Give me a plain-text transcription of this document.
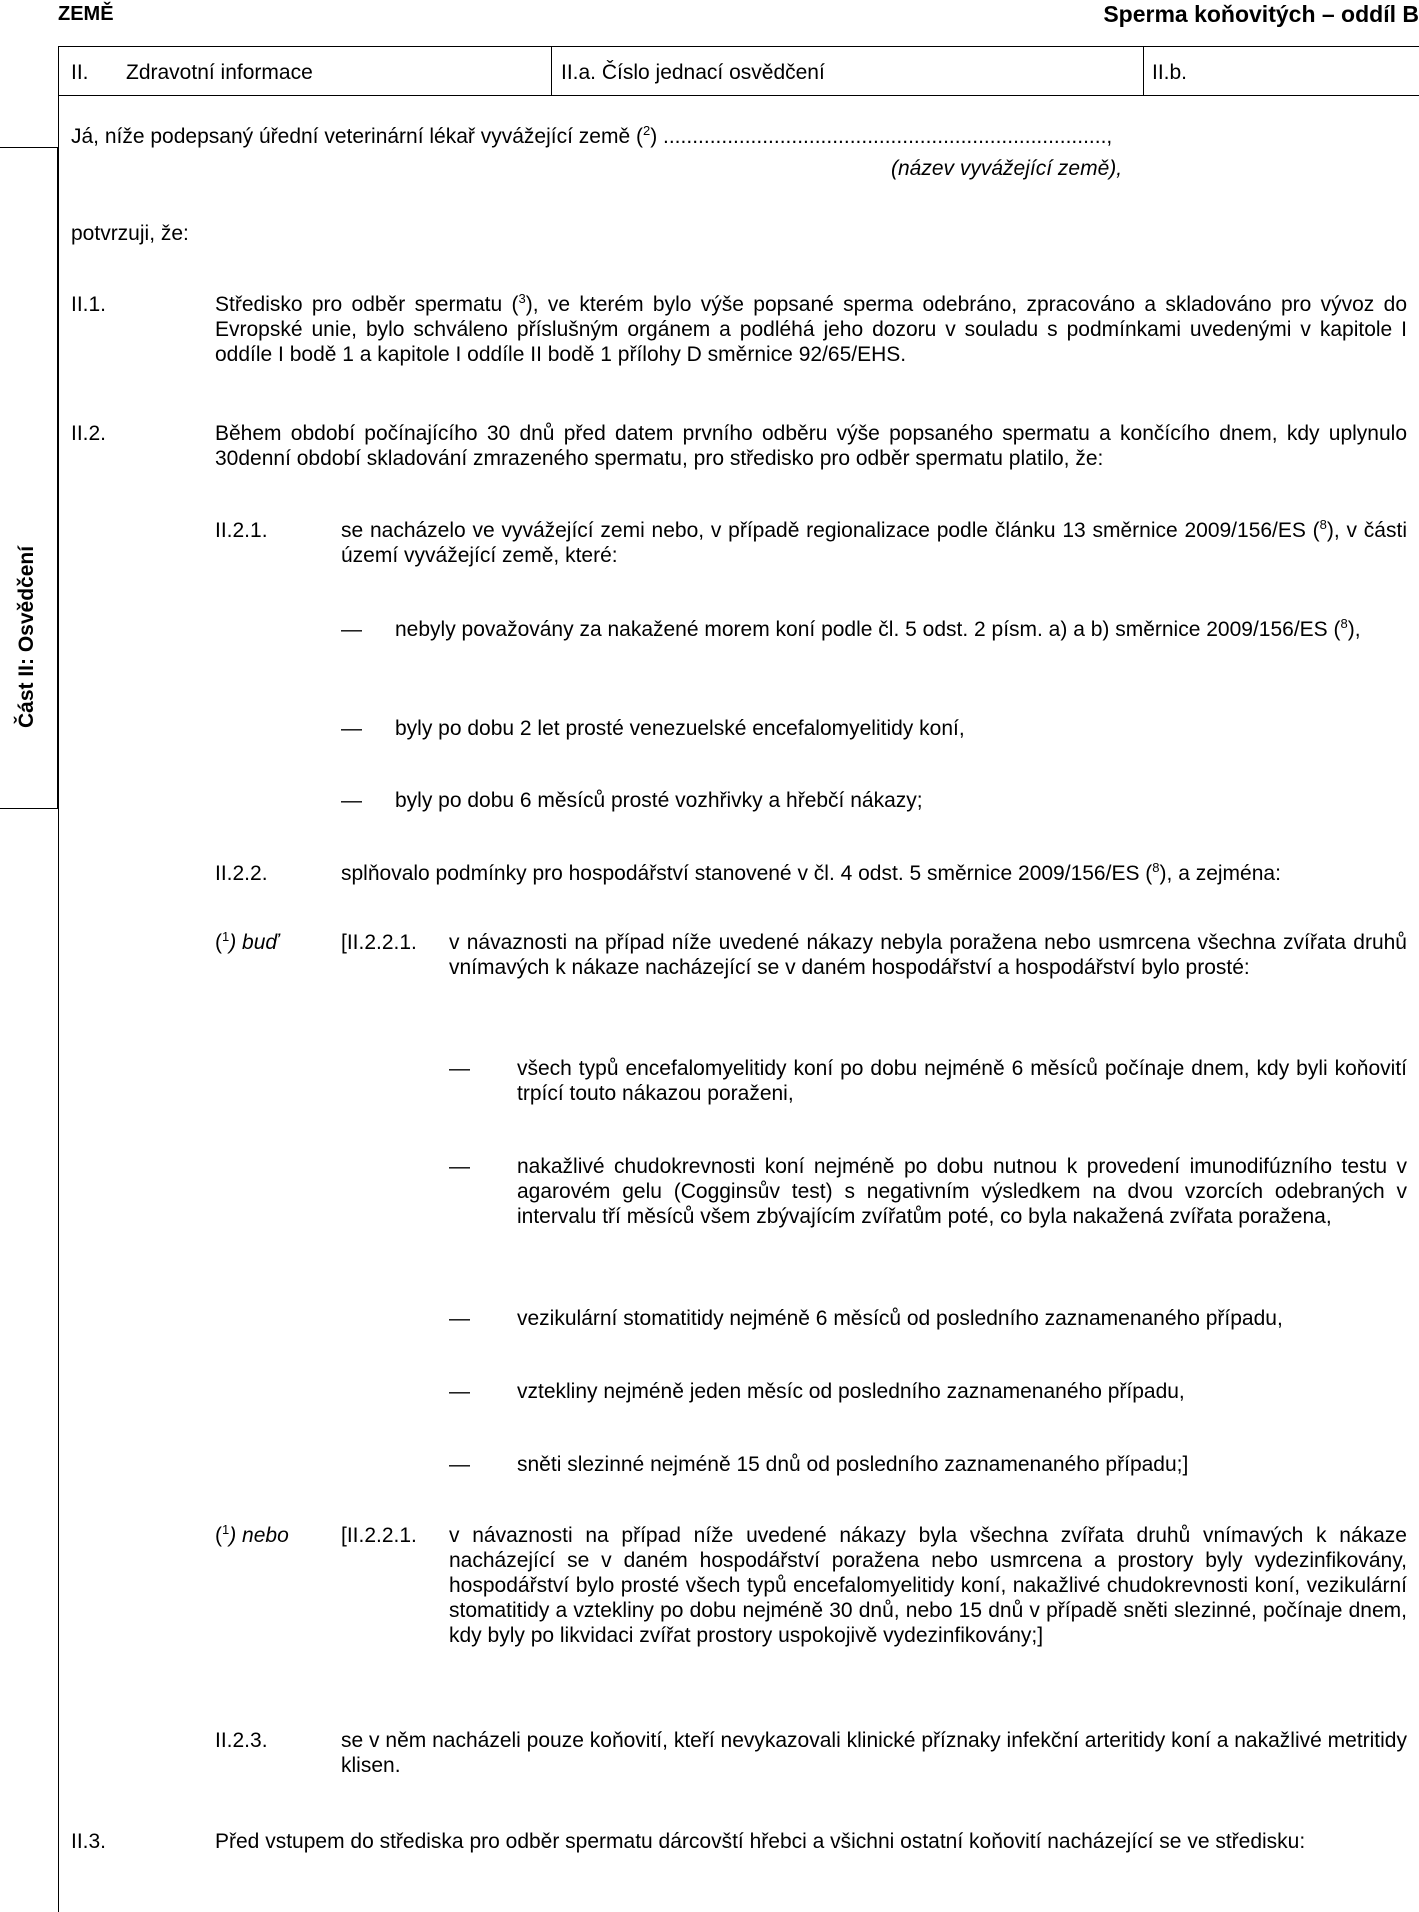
ZEMĚ	Sperma koňovitých – oddíl B
II. Zdravotní informace	II.a. Číslo jednací osvědčení	II.b.
Část II: Osvědčení
Já, níže podepsaný úřední veterinární lékař vyvážející země ($^2$) ............................................................................,
(název vyvážející země),
potvrzuji, že:
II.1.	Středisko pro odběr spermatu ($^3$), ve kterém bylo výše popsané sperma odebráno, zpracováno a skladováno pro vývoz do Evropské unie, bylo schváleno příslušným orgánem a podléhá jeho dozoru v souladu s podmínkami uvedenými v kapitole I oddíle I bodě 1 a kapitole I oddíle II bodě 1 přílohy D směrnice 92/65/EHS.
II.2.	Během období počínajícího 30 dnů před datem prvního odběru výše popsaného spermatu a končícího dnem, kdy uplynulo 30denní období skladování zmrazeného spermatu, pro středisko pro odběr spermatu platilo, že:
II.2.1.	se nacházelo ve vyvážející zemi nebo, v případě regionalizace podle článku 13 směrnice 2009/156/ES ($^8$), v části území vyvážející země, které:
— nebyly považovány za nakažené morem koní podle čl. 5 odst. 2 písm. a) a b) směrnice 2009/156/ES ($^8$),
— byly po dobu 2 let prosté venezuelské encefalomyelitidy koní,
— byly po dobu 6 měsíců prosté vozhřivky a hřebčí nákazy;
II.2.2.	splňovalo podmínky pro hospodářství stanovené v čl. 4 odst. 5 směrnice 2009/156/ES ($^8$), a zejména:
($^1$) buď	[II.2.2.1. v návaznosti na případ níže uvedené nákazy nebyla poražena nebo usmrcena všechna zvířata druhů vnímavých k nákaze nacházející se v daném hospodářství a hospodářství bylo prosté:
— všech typů encefalomyelitidy koní po dobu nejméně 6 měsíců počínaje dnem, kdy byli koňovití trpící touto nákazou poraženi,
— nakažlivé chudokrevnosti koní nejméně po dobu nutnou k provedení imunodifúzního testu v agarovém gelu (Cogginsův test) s negativním výsledkem na dvou vzorcích odebraných v intervalu tří měsíců všem zbývajícím zvířatům poté, co byla nakažená zvířata poražena,
— vezikulární stomatitidy nejméně 6 měsíců od posledního zaznamenaného případu,
— vztekliny nejméně jeden měsíc od posledního zaznamenaného případu,
— sněti slezinné nejméně 15 dnů od posledního zaznamenaného případu;]
($^1$) nebo [II.2.2.1. v návaznosti na případ níže uvedené nákazy byla všechna zvířata druhů vnímavých k nákaze nacházející se v daném hospodářství poražena nebo usmrcena a prostory byly vydezinfikovány, hospodářství bylo prosté všech typů encefalomyelitidy koní, nakažlivé chudokrevnosti koní, vezikulární stomatitidy a vztekliny po dobu nejméně 30 dnů, nebo 15 dnů v případě sněti slezinné, počínaje dnem, kdy byly po likvidaci zvířat prostory uspokojivě vydezinfikovány;]
II.2.3.	se v něm nacházeli pouze koňovití, kteří nevykazovali klinické příznaky infekční arteritidy koní a nakažlivé metritidy klisen.
II.3.	Před vstupem do střediska pro odběr spermatu dárcovští hřebci a všichni ostatní koňovití nacházející se ve středisku:
